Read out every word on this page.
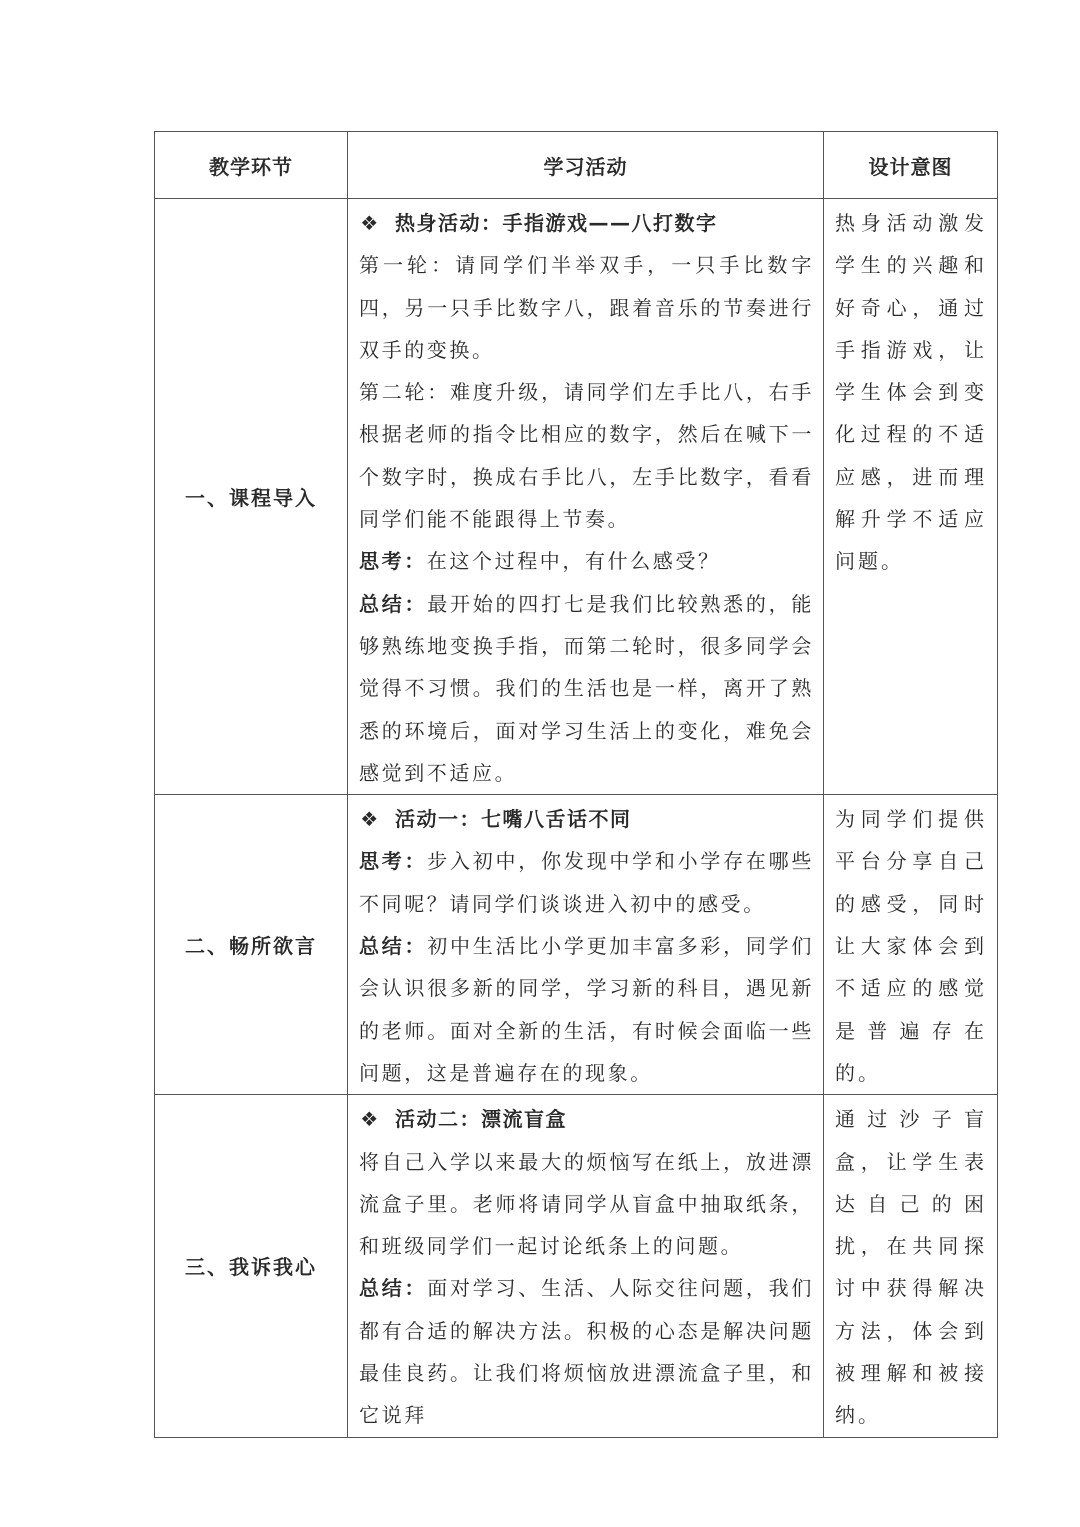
教学环节	学习活动	设计意图
一、课程导入	❖ 热身活动：手指游戏——八打数字

第一轮：请同学们半举双手，一只手比数字四，另一只手比数字八，跟着音乐的节奏进行双手的变换。

第二轮：难度升级，请同学们左手比八，右手根据老师的指令比相应的数字，然后在喊下一个数字时，换成右手比八，左手比数字，看看同学们能不能跟得上节奏。

思考：在这个过程中，有什么感受？

总结：最开始的四打七是我们比较熟悉的，能够熟练地变换手指，而第二轮时，很多同学会觉得不习惯。我们的生活也是一样，离开了熟悉的环境后，面对学习生活上的变化，难免会感觉到不适应。	热身活动激发学生的兴趣和好奇心，通过手指游戏，让学生体会到变化过程的不适应感，进而理解升学不适应问题。

二、畅所欲言	❖ 活动一：七嘴八舌话不同

思考：步入初中，你发现中学和小学存在哪些不同呢？请同学们谈谈进入初中的感受。

总结：初中生活比小学更加丰富多彩，同学们会认识很多新的同学，学习新的科目，遇见新的老师。面对全新的生活，有时候会面临一些问题，这是普遍存在的现象。	为同学们提供平台分享自己的感受，同时让大家体会到不适应的感觉是普遍存在的。

三、我诉我心	❖ 活动二：漂流盲盒

将自己入学以来最大的烦恼写在纸上，放进漂流盒子里。老师将请同学从盲盒中抽取纸条，和班级同学们一起讨论纸条上的问题。

总结：面对学习、生活、人际交往问题，我们都有合适的解决方法。积极的心态是解决问题最佳良药。让我们将烦恼放进漂流盒子里，和它说拜	通过沙子盲盒，让学生表达自己的困扰，在共同探讨中获得解决方法，体会到被理解和被接纳。
